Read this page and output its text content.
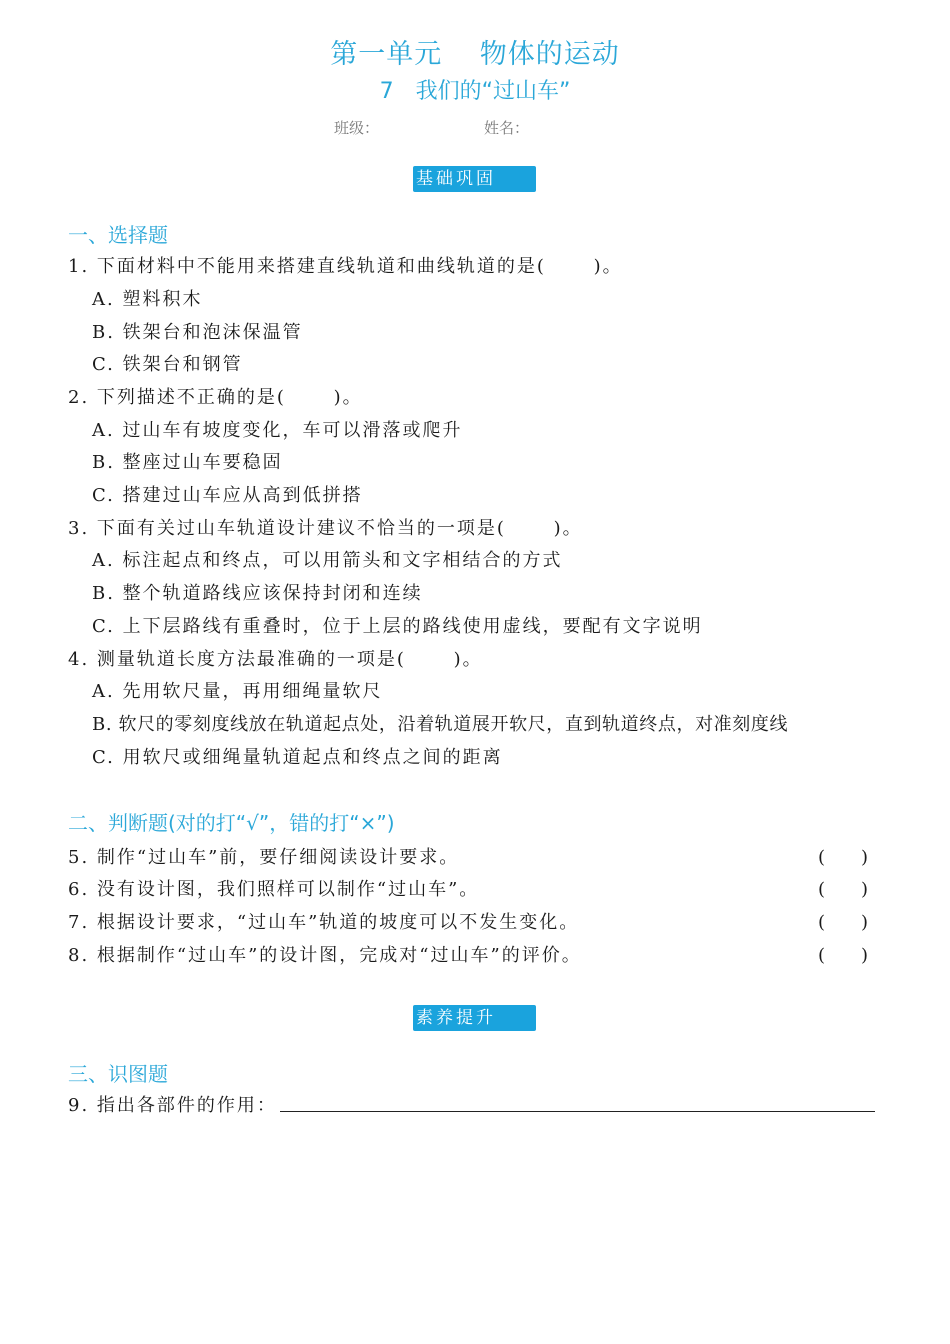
第一单元　 物体的运动
7　我们的“过山车”
班级：	姓名：
基础巩固
一、选择题
1. 下面材料中不能用来搭建直线轨道和曲线轨道的是(　　 )。
A. 塑料积木
B. 铁架台和泡沫保温管
C. 铁架台和钢管
2. 下列描述不正确的是(　　 )。
A. 过山车有坡度变化，车可以滑落或爬升
B. 整座过山车要稳固
C. 搭建过山车应从高到低拼搭
3. 下面有关过山车轨道设计建议不恰当的一项是(　　 )。
A. 标注起点和终点，可以用箭头和文字相结合的方式
B. 整个轨道路线应该保持封闭和连续
C. 上下层路线有重叠时，位于上层的路线使用虚线，要配有文字说明
4. 测量轨道长度方法最准确的一项是(　　 )。
A. 先用软尺量，再用细绳量软尺
B. 软尺的零刻度线放在轨道起点处，沿着轨道展开软尺，直到轨道终点，对准刻度线
C. 用软尺或细绳量轨道起点和终点之间的距离
二、判断题(对的打“√”，错的打“×”)
5. 制作“过山车”前，要仔细阅读设计要求。	(　　)
6. 没有设计图，我们照样可以制作“过山车”。	(　　)
7. 根据设计要求，“过山车”轨道的坡度可以不发生变化。	(　　)
8. 根据制作“过山车”的设计图，完成对“过山车”的评价。	(　　)
素养提升
三、识图题
9. 指出各部件的作用：
